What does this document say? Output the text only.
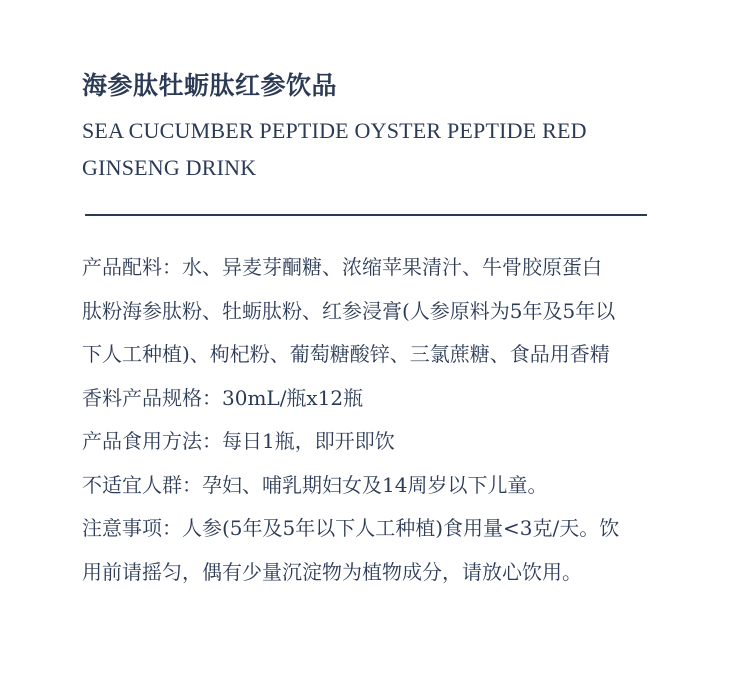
海参肽牡蛎肽红参饮品
SEA CUCUMBER PEPTIDE OYSTER PEPTIDE RED
GINSENG DRINK
产品配料：水、异麦芽酮糖、浓缩苹果清汁、牛骨胶原蛋白
肽粉海参肽粉、牡蛎肽粉、红参浸膏(人参原料为5年及5年以
下人工种植)、枸杞粉、葡萄糖酸锌、三氯蔗糖、食品用香精
香料产品规格：30mL/瓶x12瓶
产品食用方法：每日1瓶，即开即饮
不适宜人群：孕妇、哺乳期妇女及14周岁以下儿童。
注意事项：人参(5年及5年以下人工种植)食用量<3克/天。饮
用前请摇匀，偶有少量沉淀物为植物成分，请放心饮用。
